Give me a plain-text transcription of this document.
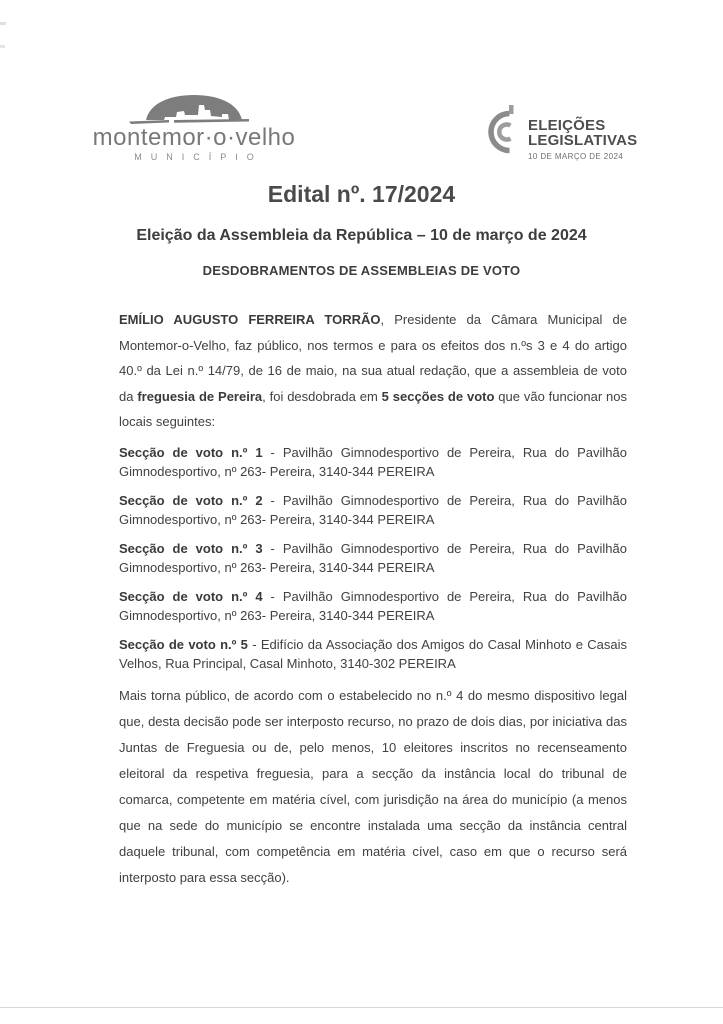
montemor·o·velho
MUNICÍPIO
ELEIÇÕES
LEGISLATIVAS
10 DE MARÇO DE 2024
Edital nº. 17/2024
Eleição da Assembleia da República – 10 de março de 2024
DESDOBRAMENTOS DE ASSEMBLEIAS DE VOTO

EMÍLIO AUGUSTO FERREIRA TORRÃO, Presidente da Câmara Municipal de Montemor-o-Velho, faz público, nos termos e para os efeitos dos n.ºs 3 e 4 do artigo 40.º da Lei n.º 14/79, de 16 de maio, na sua atual redação, que a assembleia de voto da freguesia de Pereira, foi desdobrada em 5 secções de voto que vão funcionar nos locais seguintes:

Secção de voto n.º 1 - Pavilhão Gimnodesportivo de Pereira, Rua do Pavilhão Gimnodesportivo, nº 263- Pereira, 3140-344 PEREIRA

Secção de voto n.º 2 - Pavilhão Gimnodesportivo de Pereira, Rua do Pavilhão Gimnodesportivo, nº 263- Pereira, 3140-344 PEREIRA

Secção de voto n.º 3 - Pavilhão Gimnodesportivo de Pereira, Rua do Pavilhão Gimnodesportivo, nº 263- Pereira, 3140-344 PEREIRA

Secção de voto n.º 4 - Pavilhão Gimnodesportivo de Pereira, Rua do Pavilhão Gimnodesportivo, nº 263- Pereira, 3140-344 PEREIRA

Secção de voto n.º 5 - Edifício da Associação dos Amigos do Casal Minhoto e Casais Velhos, Rua Principal, Casal Minhoto, 3140-302 PEREIRA

Mais torna público, de acordo com o estabelecido no n.º 4 do mesmo dispositivo legal que, desta decisão pode ser interposto recurso, no prazo de dois dias, por iniciativa das Juntas de Freguesia ou de, pelo menos, 10 eleitores inscritos no recenseamento eleitoral da respetiva freguesia, para a secção da instância local do tribunal de comarca, competente em matéria cível, com jurisdição na área do município (a menos que na sede do município se encontre instalada uma secção da instância central daquele tribunal, com competência em matéria cível, caso em que o recurso será interposto para essa secção).
